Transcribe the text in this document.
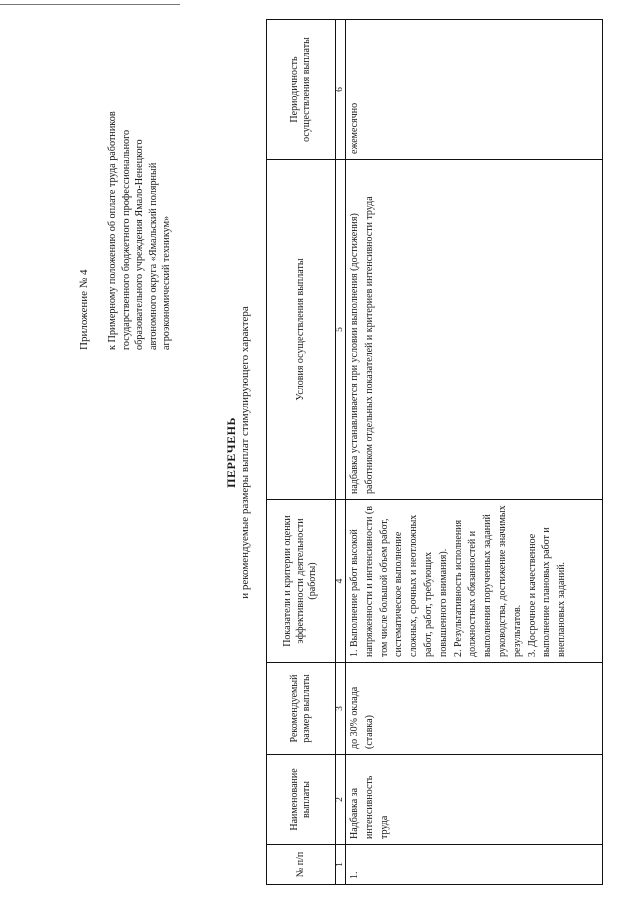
Приложение № 4 к Примерному положению об оплате труда работников государственного бюджетного профессионального образовательного учреждения Ямало-Ненецкого автономного округа «Ямальский полярный агроэкономический техникум»
ПЕРЕЧЕНЬ и рекомендуемые размеры выплат стимулирующего характера
№ п/п	Наименование выплаты	Рекомендуемый размер выплаты	Показатели и критерии оценки эффективности деятельности (работы)	Условия осуществления выплаты	Периодичность осуществления выплаты
1	2	3	4	5	6
1.	Надбавка за интенсивность труда	до 30% оклада (ставка)	1. Выполнение работ высокой напряженности и интенсивности (в том числе большой объем работ, систематическое выполнение сложных, срочных и неотложных работ, работ, требующих повышенного внимания). 2. Результативность исполнения должностных обязанностей и выполнения порученных заданий руководства, достижение значимых результатов. 3. Досрочное и качественное выполнение плановых работ и внеплановых заданий.	надбавка устанавливается при условии выполнения (достижения) работником отдельных показателей и критериев интенсивности труда	ежемесячно
